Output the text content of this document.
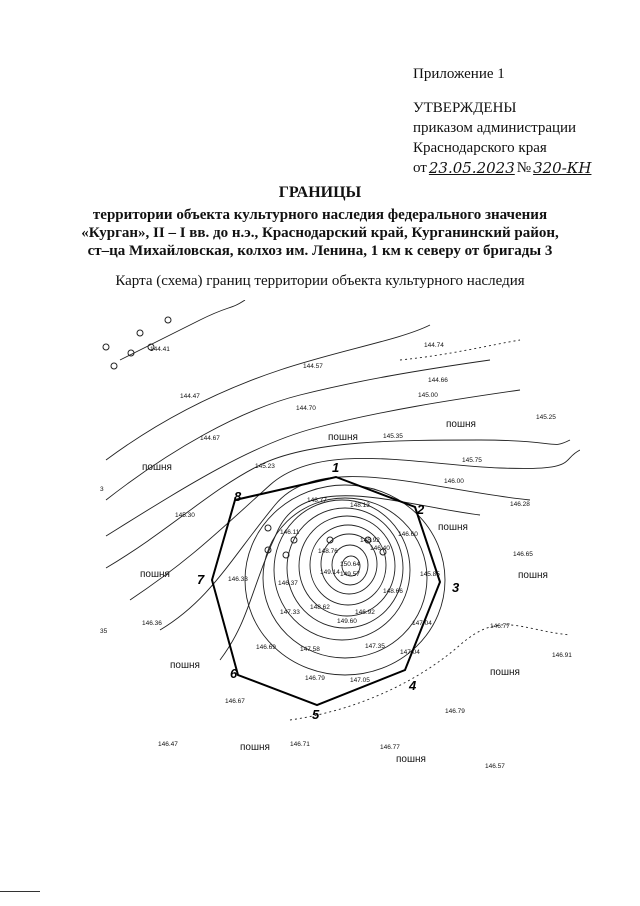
Приложение 1
УТВЕРЖДЕНЫ
приказом администрации
Краснодарского края
от 23.05.2023 № 320-КН
ГРАНИЦЫ
территории объекта культурного наследия федерального значения
«Курган», II – I вв. до н.э., Краснодарский край, Курганинский район,
ст–ца Михайловская, колхоз им. Ленина, 1 км к северу от бригады 3
Карта (схема) границ территории объекта культурного наследия
144.41
144.74
144.57
144.47
144.66
144.70
145.25
144.67	145.35
145.23
145.75
145.30
146.28
148.77
148.13
146.11
148.92
146.60
148.76	146.40
145.85
146.65
146.33
146.37
148.66
146.36
147.33
148.62
146.92
147.04	146.77
149.60
146.91
146.79
147.58	147.35
147.04
146.69
147.05
146.67
146.79
146.71	146.77
146.47
146.57
149.57
149.14
150.64
3
35
145.00
146.00
пошня
пошня
пошня
пошня
пошня	пошня
пошня
пошня
пошня
пошня
1
2
3
4
5
6
7
8
